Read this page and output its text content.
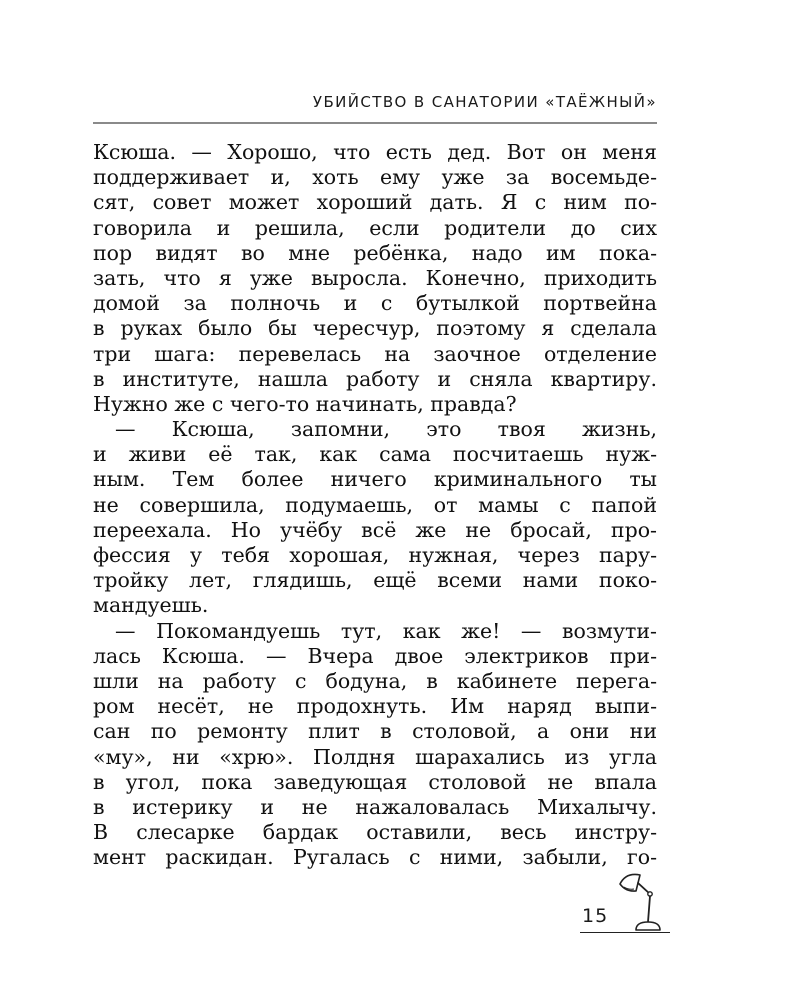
УБИЙСТВО В САНАТОРИИ «ТАЁЖНЫЙ»
Ксюша. — Хорошо, что есть дед. Вот он меня
поддерживает и, хоть ему уже за восемьде-
сят, совет может хороший дать. Я с ним по-
говорила и решила, если родители до сих
пор видят во мне ребёнка, надо им пока-
зать, что я уже выросла. Конечно, приходить
домой за полночь и с бутылкой портвейна
в руках было бы чересчур, поэтому я сделала
три шага: перевелась на заочное отделение
в институте, нашла работу и сняла квартиру.
Нужно же с чего-то начинать, правда?
— Ксюша, запомни, это твоя жизнь,
и живи её так, как сама посчитаешь нуж-
ным. Тем более ничего криминального ты
не совершила, подумаешь, от мамы с папой
переехала. Но учёбу всё же не бросай, про-
фессия у тебя хорошая, нужная, через пару-
тройку лет, глядишь, ещё всеми нами поко-
мандуешь.
— Покомандуешь тут, как же! — возмути-
лась Ксюша. — Вчера двое электриков при-
шли на работу с бодуна, в кабинете перега-
ром несёт, не продохнуть. Им наряд выпи-
сан по ремонту плит в столовой, а они ни
«му», ни «хрю». Полдня шарахались из угла
в угол, пока заведующая столовой не впала
в истерику и не нажаловалась Михалычу.
В слесарке бардак оставили, весь инстру-
мент раскидан. Ругалась с ними, забыли, го-
15
